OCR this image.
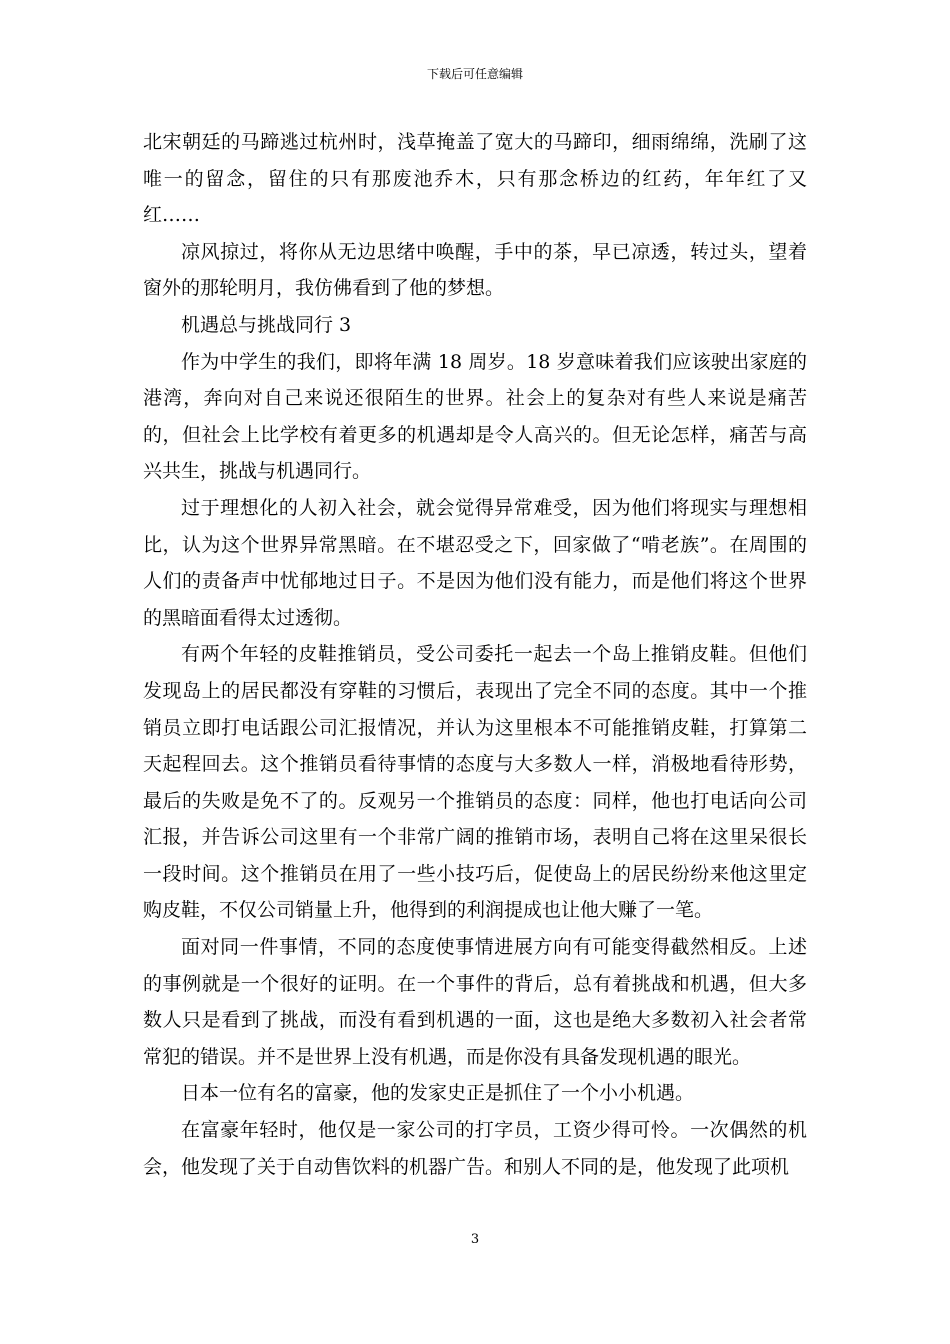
下载后可任意编辑

北宋朝廷的马蹄逃过杭州时，浅草掩盖了宽大的马蹄印，细雨绵绵，洗刷了这唯一的留念，留住的只有那废池乔木，只有那念桥边的红药，年年红了又红……

凉风掠过，将你从无边思绪中唤醒，手中的茶，早已凉透，转过头，望着窗外的那轮明月，我仿佛看到了他的梦想。

机遇总与挑战同行 3

作为中学生的我们，即将年满 18 周岁。18 岁意味着我们应该驶出家庭的港湾，奔向对自己来说还很陌生的世界。社会上的复杂对有些人来说是痛苦的，但社会上比学校有着更多的机遇却是令人高兴的。但无论怎样，痛苦与高兴共生，挑战与机遇同行。

过于理想化的人初入社会，就会觉得异常难受，因为他们将现实与理想相比，认为这个世界异常黑暗。在不堪忍受之下，回家做了“啃老族”。在周围的人们的责备声中忧郁地过日子。不是因为他们没有能力，而是他们将这个世界的黑暗面看得太过透彻。

有两个年轻的皮鞋推销员，受公司委托一起去一个岛上推销皮鞋。但他们发现岛上的居民都没有穿鞋的习惯后，表现出了完全不同的态度。其中一个推销员立即打电话跟公司汇报情况，并认为这里根本不可能推销皮鞋，打算第二天起程回去。这个推销员看待事情的态度与大多数人一样，消极地看待形势，最后的失败是免不了的。反观另一个推销员的态度：同样，他也打电话向公司汇报，并告诉公司这里有一个非常广阔的推销市场，表明自己将在这里呆很长一段时间。这个推销员在用了一些小技巧后，促使岛上的居民纷纷来他这里定购皮鞋，不仅公司销量上升，他得到的利润提成也让他大赚了一笔。

面对同一件事情，不同的态度使事情进展方向有可能变得截然相反。上述的事例就是一个很好的证明。在一个事件的背后，总有着挑战和机遇，但大多数人只是看到了挑战，而没有看到机遇的一面，这也是绝大多数初入社会者常常犯的错误。并不是世界上没有机遇，而是你没有具备发现机遇的眼光。

日本一位有名的富豪，他的发家史正是抓住了一个小小机遇。

在富豪年轻时，他仅是一家公司的打字员，工资少得可怜。一次偶然的机会，他发现了关于自动售饮料的机器广告。和别人不同的是，他发现了此项机

3
